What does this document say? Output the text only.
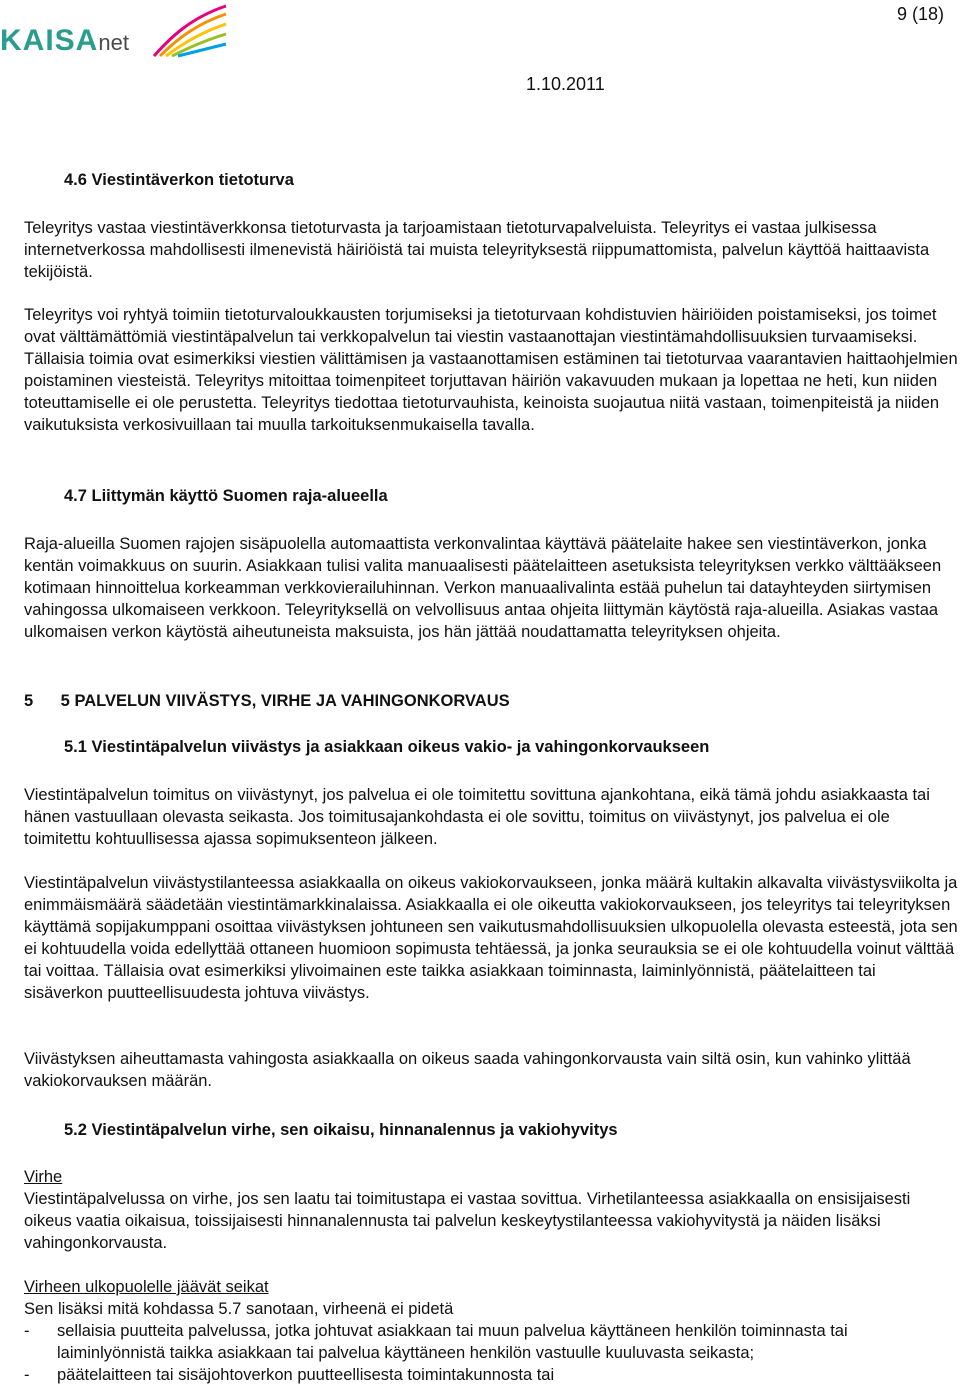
KAISAnet
9 (18)
1.10.2011
4.6 Viestintäverkon tietoturva

Teleyritys vastaa viestintäverkkonsa tietoturvasta ja tarjoamistaan tietoturvapalveluista. Teleyritys ei vastaa julkisessa internetverkossa mahdollisesti ilmenevistä häiriöistä tai muista teleyrityksestä riippumattomista, palvelun käyttöä haittaavista tekijöistä.

Teleyritys voi ryhtyä toimiin tietoturvaloukkausten torjumiseksi ja tietoturvaan kohdistuvien häiriöiden poistamiseksi, jos toimet ovat välttämättömiä viestintäpalvelun tai verkkopalvelun tai viestin vastaanottajan viestintämahdollisuuksien turvaamiseksi. Tällaisia toimia ovat esimerkiksi viestien välittämisen ja vastaanottamisen estäminen tai tietoturvaa vaarantavien haittaohjelmien poistaminen viesteistä. Teleyritys mitoittaa toimenpiteet torjuttavan häiriön vakavuuden mukaan ja lopettaa ne heti, kun niiden toteuttamiselle ei ole perustetta. Teleyritys tiedottaa tietoturvauhista, keinoista suojautua niitä vastaan, toimenpiteistä ja niiden vaikutuksista verkosivuillaan tai muulla tarkoituksenmukaisella tavalla.

4.7 Liittymän käyttö Suomen raja-alueella

Raja-alueilla Suomen rajojen sisäpuolella automaattista verkonvalintaa käyttävä päätelaite hakee sen viestintäverkon, jonka kentän voimakkuus on suurin. Asiakkaan tulisi valita manuaalisesti päätelaitteen asetuksista teleyrityksen verkko välttääkseen kotimaan hinnoittelua korkeamman verkkovierailuhinnan. Verkon manuaalivalinta estää puhelun tai datayhteyden siirtymisen vahingossa ulkomaiseen verkkoon. Teleyrityksellä on velvollisuus antaa ohjeita liittymän käytöstä raja-alueilla. Asiakas vastaa ulkomaisen verkon käytöstä aiheutuneista maksuista, jos hän jättää noudattamatta teleyrityksen ohjeita.

5      5 PALVELUN VIIVÄSTYS, VIRHE JA VAHINGONKORVAUS
5.1 Viestintäpalvelun viivästys ja asiakkaan oikeus vakio- ja vahingonkorvaukseen

Viestintäpalvelun toimitus on viivästynyt, jos palvelua ei ole toimitettu sovittuna ajankohtana, eikä tämä johdu asiakkaasta tai hänen vastuullaan olevasta seikasta. Jos toimitusajankohdasta ei ole sovittu, toimitus on viivästynyt, jos palvelua ei ole toimitettu kohtuullisessa ajassa sopimuksenteon jälkeen.

Viestintäpalvelun viivästystilanteessa asiakkaalla on oikeus vakiokorvaukseen, jonka määrä kultakin alkavalta viivästysviikolta ja enimmäismäärä säädetään viestintämarkkinalaissa. Asiakkaalla ei ole oikeutta vakiokorvaukseen, jos teleyritys tai teleyrityksen käyttämä sopijakumppani osoittaa viivästyksen johtuneen sen vaikutusmahdollisuuksien ulkopuolella olevasta esteestä, jota sen ei kohtuudella voida edellyttää ottaneen huomioon sopimusta tehtäessä, ja jonka seurauksia se ei ole kohtuudella voinut välttää tai voittaa. Tällaisia ovat esimerkiksi ylivoimainen este taikka asiakkaan toiminnasta, laiminlyönnistä, päätelaitteen tai sisäverkon puutteellisuudesta johtuva viivästys.

Viivästyksen aiheuttamasta vahingosta asiakkaalla on oikeus saada vahingonkorvausta vain siltä osin, kun vahinko ylittää vakiokorvauksen määrän.

5.2 Viestintäpalvelun virhe, sen oikaisu, hinnanalennus ja vakiohyvitys

Virhe

Viestintäpalvelussa on virhe, jos sen laatu tai toimitustapa ei vastaa sovittua. Virhetilanteessa asiakkaalla on ensisijaisesti oikeus vaatia oikaisua, toissijaisesti hinnanalennusta tai palvelun keskeytystilanteessa vakiohyvitystä ja näiden lisäksi vahingonkorvausta.

Virheen ulkopuolelle jäävät seikat

Sen lisäksi mitä kohdassa 5.7 sanotaan, virheenä ei pidetä

- sellaisia puutteita palvelussa, jotka johtuvat asiakkaan tai muun palvelua käyttäneen henkilön toiminnasta tai laiminlyönnistä taikka asiakkaan tai palvelua käyttäneen henkilön vastuulle kuuluvasta seikasta;

- päätelaitteen tai sisäjohtoverkon puutteellisesta toimintakunnosta tai
